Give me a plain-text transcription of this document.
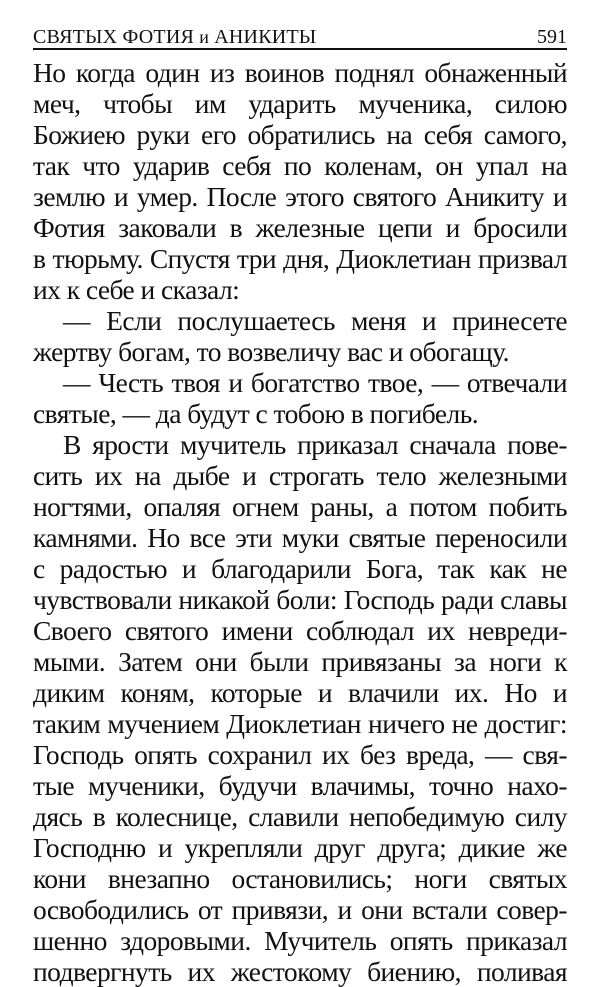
СВЯТЫХ ФОТИЯ и АНИКИТЫ	591
Но когда один из воинов поднял обнаженный
меч, чтобы им ударить мученика, силою
Божиею руки его обратились на себя самого,
так что ударив себя по коленам, он упал на
землю и умер. После этого святого Аникиту и
Фотия заковали в железные цепи и бросили
в тюрьму. Спустя три дня, Диоклетиан призвал
их к себе и сказал:
— Если послушаетесь меня и принесете
жертву богам, то возвеличу вас и обогащу.
— Честь твоя и богатство твое, — отвечали
святые, — да будут с тобою в погибель.
В ярости мучитель приказал сначала пове-
сить их на дыбе и строгать тело железными
ногтями, опаляя огнем раны, а потом побить
камнями. Но все эти муки святые переносили
с радостью и благодарили Бога, так как не
чувствовали никакой боли: Господь ради славы
Своего святого имени соблюдал их невреди-
мыми. Затем они были привязаны за ноги к
диким коням, которые и влачили их. Но и
таким мучением Диоклетиан ничего не достиг:
Господь опять сохранил их без вреда, — свя-
тые мученики, будучи влачимы, точно нахо-
дясь в колеснице, славили непобедимую силу
Господню и укрепляли друг друга; дикие же
кони внезапно остановились; ноги святых
освободились от привязи, и они встали совер-
шенно здоровыми. Мучитель опять приказал
подвергнуть их жестокому биению, поливая
